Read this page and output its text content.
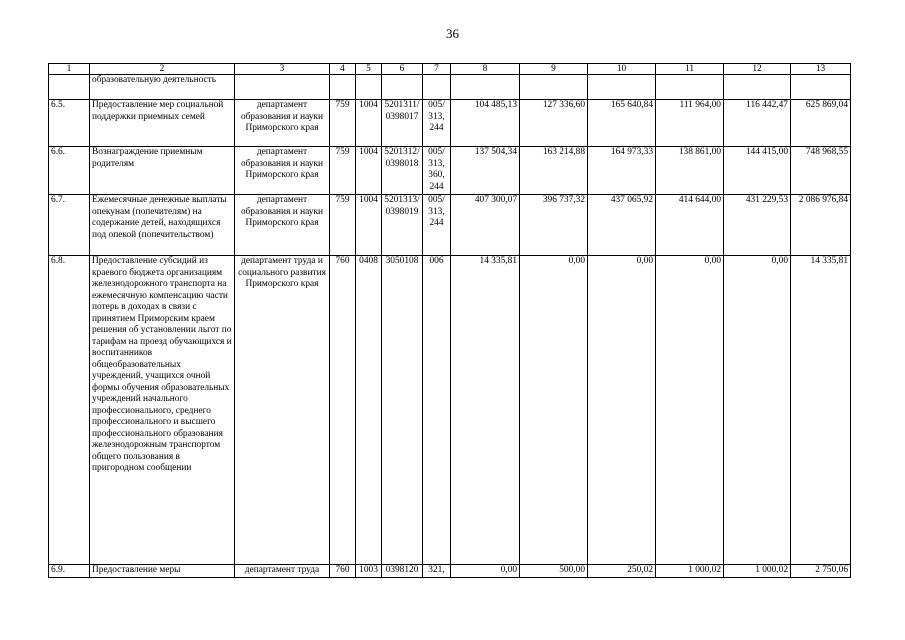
36
1	2	3	4	5	6	7	8	9	10	11	12	13
	образовательную деятельность											
6.5.	Предоставление мер социальной поддержки приемных семей	департамент образования и науки Приморского края	759	1004	5201311/ 0398017	005/ 313, 244	104 485,13	127 336,60	165 640,84	111 964,00	116 442,47	625 869,04
6.6.	Вознаграждение приемным родителям	департамент образования и науки Приморского края	759	1004	5201312/ 0398018	005/ 313, 360, 244	137 504,34	163 214,88	164 973,33	138 861,00	144 415,00	748 968,55
6.7.	Ежемесячные денежные выплаты опекунам (попечителям) на содержание детей, находящихся под опекой (попечительством)	департамент образования и науки Приморского края	759	1004	5201313/ 0398019	005/ 313, 244	407 300,07	396 737,32	437 065,92	414 644,00	431 229,53	2 086 976,84
6.8.	Предоставление субсидий из краевого бюджета организациям железнодорожного транспорта на ежемесячную компенсацию части потерь в доходах в связи с принятием Приморским краем решения об установлении льгот по тарифам на проезд обучающихся и воспитанников общеобразовательных учреждений, учащихся очной формы обучения образовательных учреждений начального профессионального, среднего профессионального и высшего профессионального образования железнодорожным транспортом общего пользования в пригородном сообщении	департамент труда и социального развития Приморского края	760	0408	3050108	006	14 335,81	0,00	0,00	0,00	0,00	14 335,81
6.9.	Предоставление меры	департамент труда	760	1003	0398120	321,	0,00	500,00	250,02	1 000,02	1 000,02	2 750,06
